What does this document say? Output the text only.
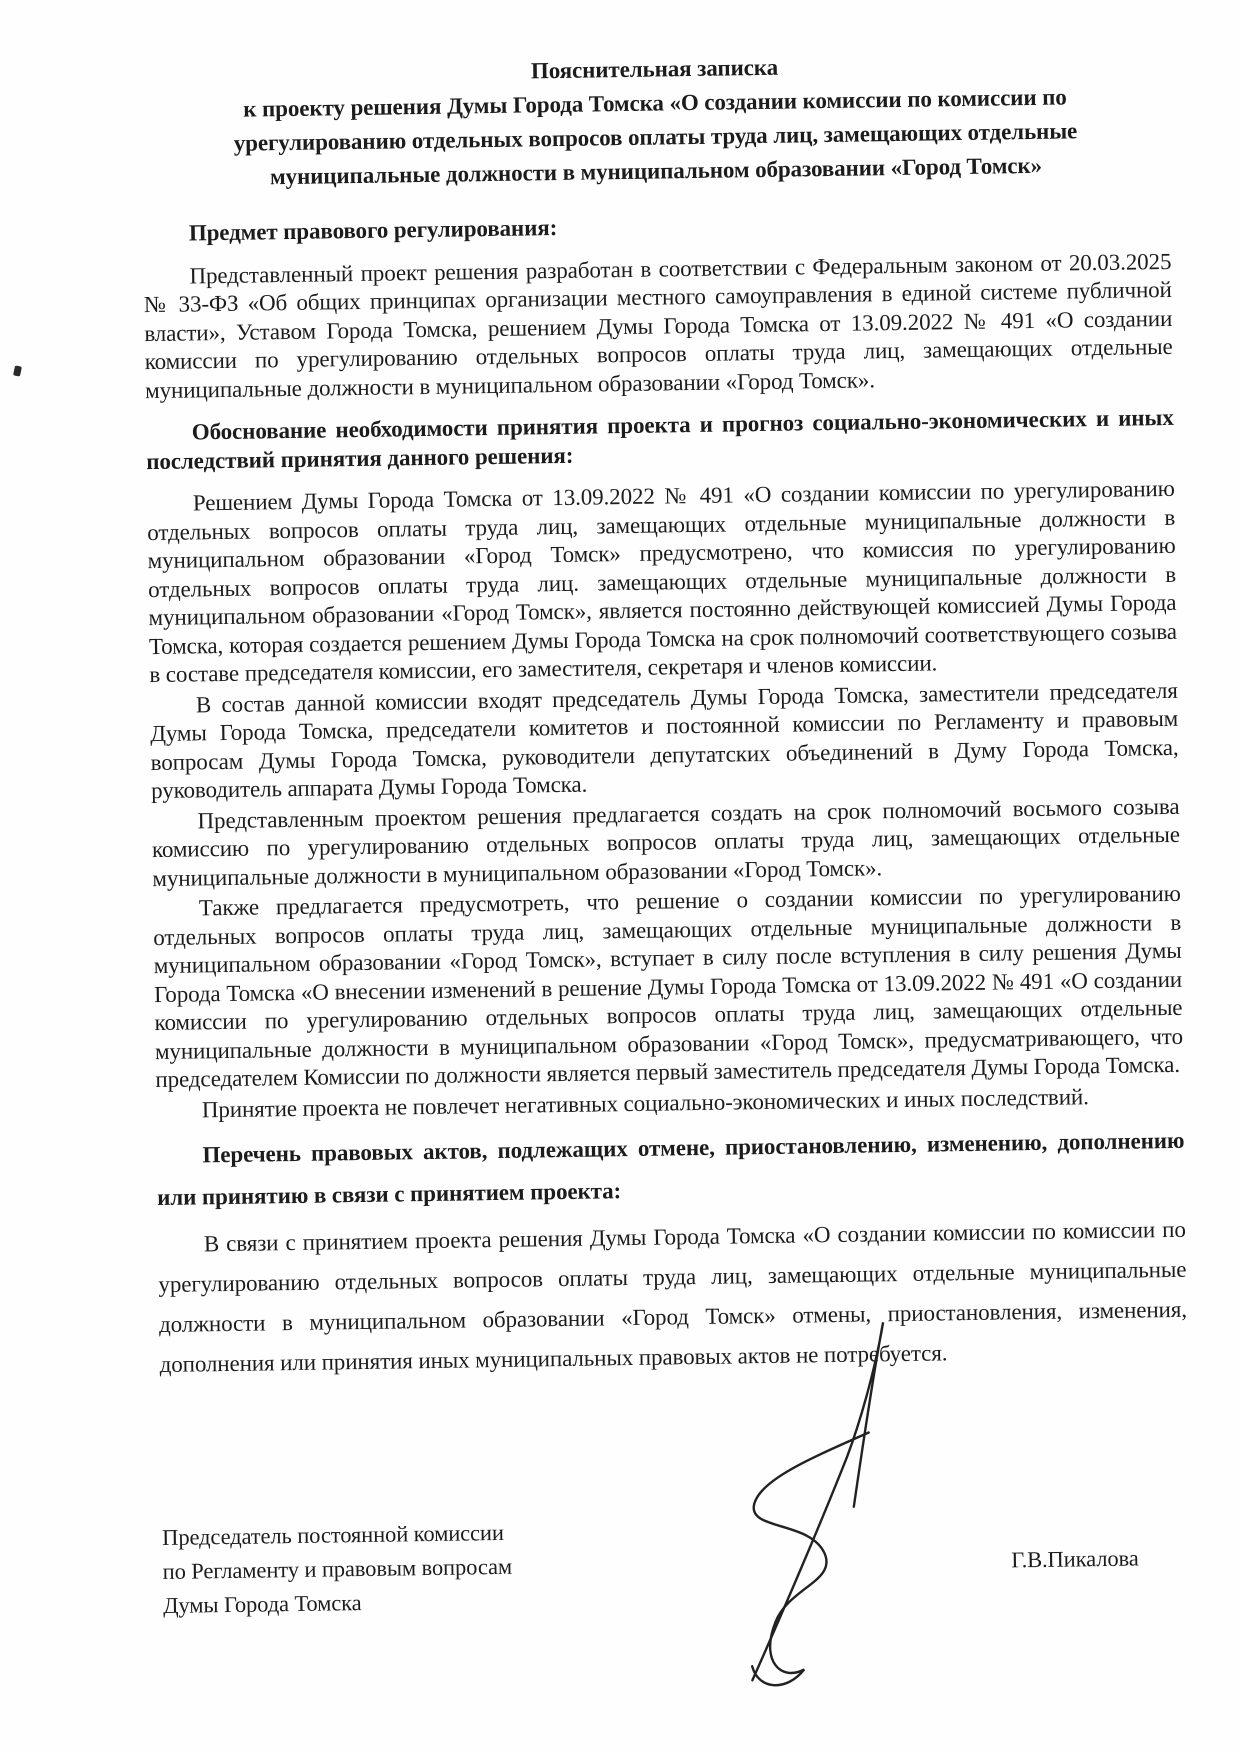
Пояснительная записка
к проекту решения Думы Города Томска «О создании комиссии по комиссии по урегулированию отдельных вопросов оплаты труда лиц, замещающих отдельные муниципальные должности в муниципальном образовании «Город Томск»

Предмет правового регулирования:

Представленный проект решения разработан в соответствии с Федеральным законом от 20.03.2025 № 33-ФЗ «Об общих принципах организации местного самоуправления в единой системе публичной власти», Уставом Города Томска, решением Думы Города Томска от 13.09.2022 № 491 «О создании комиссии по урегулированию отдельных вопросов оплаты труда лиц, замещающих отдельные муниципальные должности в муниципальном образовании «Город Томск».

Обоснование необходимости принятия проекта и прогноз социально-экономических и иных последствий принятия данного решения:

Решением Думы Города Томска от 13.09.2022 № 491 «О создании комиссии по урегулированию отдельных вопросов оплаты труда лиц, замещающих отдельные муниципальные должности в муниципальном образовании «Город Томск» предусмотрено, что комиссия по урегулированию отдельных вопросов оплаты труда лиц. замещающих отдельные муниципальные должности в муниципальном образовании «Город Томск», является постоянно действующей комиссией Думы Города Томска, которая создается решением Думы Города Томска на срок полномочий соответствующего созыва в составе председателя комиссии, его заместителя, секретаря и членов комиссии.

В состав данной комиссии входят председатель Думы Города Томска, заместители председателя Думы Города Томска, председатели комитетов и постоянной комиссии по Регламенту и правовым вопросам Думы Города Томска, руководители депутатских объединений в Думу Города Томска, руководитель аппарата Думы Города Томска.

Представленным проектом решения предлагается создать на срок полномочий восьмого созыва комиссию по урегулированию отдельных вопросов оплаты труда лиц, замещающих отдельные муниципальные должности в муниципальном образовании «Город Томск».

Также предлагается предусмотреть, что решение о создании комиссии по урегулированию отдельных вопросов оплаты труда лиц, замещающих отдельные муниципальные должности в муниципальном образовании «Город Томск», вступает в силу после вступления в силу решения Думы Города Томска «О внесении изменений в решение Думы Города Томска от 13.09.2022 № 491 «О создании комиссии по урегулированию отдельных вопросов оплаты труда лиц, замещающих отдельные муниципальные должности в муниципальном образовании «Город Томск», предусматривающего, что председателем Комиссии по должности является первый заместитель председателя Думы Города Томска.

Принятие проекта не повлечет негативных социально-экономических и иных последствий.

Перечень правовых актов, подлежащих отмене, приостановлению, изменению, дополнению или принятию в связи с принятием проекта:

В связи с принятием проекта решения Думы Города Томска «О создании комиссии по комиссии по урегулированию отдельных вопросов оплаты труда лиц, замещающих отдельные муниципальные должности в муниципальном образовании «Город Томск» отмены, приостановления, изменения, дополнения или принятия иных муниципальных правовых актов не потребуется.

Председатель постоянной комиссии
по Регламенту и правовым вопросам
Думы Города Томска
Г.В.Пикалова
